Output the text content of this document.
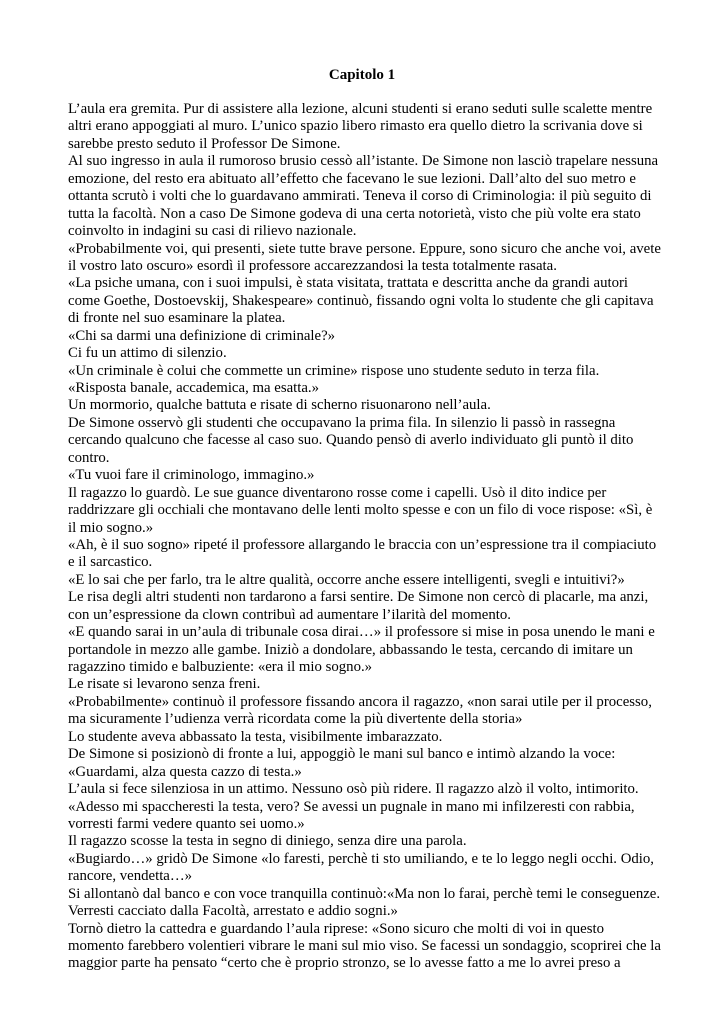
Capitolo 1
L’aula era gremita. Pur di assistere alla lezione, alcuni studenti si erano seduti sulle scalette mentre
altri erano appoggiati al muro. L’unico spazio libero rimasto era quello dietro la scrivania dove si
sarebbe presto seduto il Professor De Simone.
Al suo ingresso in aula il rumoroso brusio cessò all’istante. De Simone non lasciò trapelare nessuna
emozione, del resto era abituato all’effetto che facevano le sue lezioni. Dall’alto del suo metro e
ottanta scrutò i volti che lo guardavano ammirati. Teneva il corso di Criminologia: il più seguito di
tutta la facoltà. Non a caso De Simone godeva di una certa notorietà, visto che più volte era stato
coinvolto in indagini su casi di rilievo nazionale.
«Probabilmente voi, qui presenti, siete tutte brave persone. Eppure, sono sicuro che anche voi, avete
il vostro lato oscuro» esordì il professore accarezzandosi la testa totalmente rasata.
«La psiche umana, con i suoi impulsi, è stata visitata, trattata e descritta anche da grandi autori
come Goethe, Dostoevskij, Shakespeare» continuò, fissando ogni volta lo studente che gli capitava
di fronte nel suo esaminare la platea.
«Chi sa darmi una definizione di criminale?»
Ci fu un attimo di silenzio.
«Un criminale è colui che commette un crimine» rispose uno studente seduto in terza fila.
«Risposta banale, accademica, ma esatta.»
Un mormorio, qualche battuta e risate di scherno risuonarono nell’aula.
De Simone osservò gli studenti che occupavano la prima fila. In silenzio li passò in rassegna
cercando qualcuno che facesse al caso suo. Quando pensò di averlo individuato gli puntò il dito
contro.
«Tu vuoi fare il criminologo, immagino.»
Il ragazzo lo guardò. Le sue guance diventarono rosse come i capelli. Usò il dito indice per
raddrizzare gli occhiali che montavano delle lenti molto spesse e con un filo di voce rispose: «Sì, è
il mio sogno.»
«Ah, è il suo sogno» ripeté il professore allargando le braccia con un’espressione tra il compiaciuto
e il sarcastico.
«E lo sai che per farlo, tra le altre qualità, occorre anche essere intelligenti, svegli e intuitivi?»
Le risa degli altri studenti non tardarono a farsi sentire. De Simone non cercò di placarle, ma anzi,
con un’espressione da clown contribuì ad aumentare l’ilarità del momento.
«E quando sarai in un’aula di tribunale cosa dirai…» il professore si mise in posa unendo le mani e
portandole in mezzo alle gambe. Iniziò a dondolare, abbassando le testa, cercando di imitare un
ragazzino timido e balbuziente: «era il mio sogno.»
Le risate si levarono senza freni.
«Probabilmente» continuò il professore fissando ancora il ragazzo, «non sarai utile per il processo,
ma sicuramente l’udienza verrà ricordata come la più divertente della storia»
Lo studente aveva abbassato la testa, visibilmente imbarazzato.
De Simone si posizionò di fronte a lui, appoggiò le mani sul banco e intimò alzando la voce:
«Guardami, alza questa cazzo di testa.»
L’aula si fece silenziosa in un attimo. Nessuno osò più ridere. Il ragazzo alzò il volto, intimorito.
«Adesso mi spaccheresti la testa, vero? Se avessi un pugnale in mano mi infilzeresti con rabbia,
vorresti farmi vedere quanto sei uomo.»
Il ragazzo scosse la testa in segno di diniego, senza dire una parola.
«Bugiardo…» gridò De Simone «lo faresti, perchè ti sto umiliando, e te lo leggo negli occhi. Odio,
rancore, vendetta…»
Si allontanò dal banco e con voce tranquilla continuò:«Ma non lo farai, perchè temi le conseguenze.
Verresti cacciato dalla Facoltà, arrestato e addio sogni.»
Tornò dietro la cattedra e guardando l’aula riprese: «Sono sicuro che molti di voi in questo
momento farebbero volentieri vibrare le mani sul mio viso. Se facessi un sondaggio, scoprirei che la
maggior parte ha pensato “certo che è proprio stronzo, se lo avesse fatto a me lo avrei preso a
